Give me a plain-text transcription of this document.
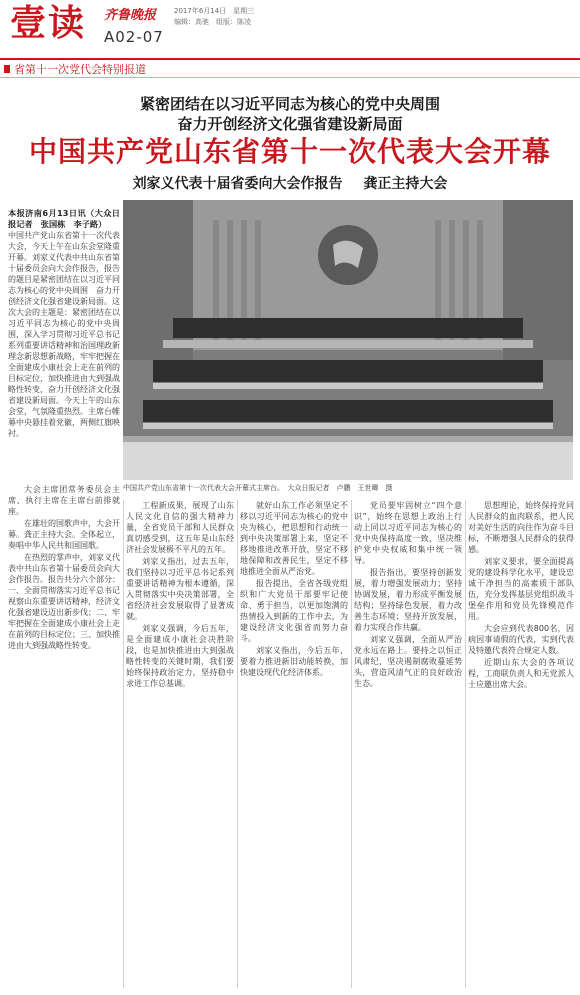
壹读 齐鲁晚报	2017年6月14日　星期三
编辑：高驰　组版：陈凌
A02-07
省第十一次党代会特别报道
紧密团结在以习近平同志为核心的党中央周围
奋力开创经济文化强省建设新局面
中国共产党山东省第十一次代表大会开幕
刘家义代表十届省委向大会作报告 龚正主持大会
本报济南6月13日讯（大众日报记者　张国栋　李子路）
中国共产党山东省第十一次代表大会，今天上午在山东会堂隆重开幕。刘家义代表中共山东省第十届委员会向大会作报告，报告的题目是紧密团结在以习近平同志为核心的党中央周围　奋力开创经济文化强省建设新局面。这次大会的主题是：紧密团结在以习近平同志为核心的党中央周围，深入学习贯彻习近平总书记系列重要讲话精神和治国理政新理念新思想新战略，牢牢把握在全面建成小康社会上走在前列的目标定位，加快推进由大到强战略性转变，奋力开创经济文化强省建设新局面。今天上午的山东会堂，气氛隆重热烈。主席台帷幕中央悬挂着党徽，两侧红旗映衬。
中国共产党山东省第十一次代表大会开幕式主席台。　大众日报记者　卢鹏　王世卿　摄

大会主席团常务委员会主席、执行主席在主席台前排就座。

在雄壮的国歌声中，大会开幕。龚正主持大会。全体起立，奏唱中华人民共和国国歌。

在热烈的掌声中，刘家义代表中共山东省第十届委员会向大会作报告。报告共分六个部分：一、全面贯彻落实习近平总书记视察山东重要讲话精神，经济文化强省建设迈出新步伐；二、牢牢把握在全面建成小康社会上走在前列的目标定位；三、加快推进由大到强战略性转变。

工程新成果，展现了山东人民文化自信的强大精神力量，全省党员干部和人民群众真切感受到，这五年是山东经济社会发展极不平凡的五年。

刘家义指出，过去五年，我们坚持以习近平总书记系列重要讲话精神为根本遵循，深入贯彻落实中央决策部署，全省经济社会发展取得了显著成就。

刘家义强调，今后五年，是全面建成小康社会决胜阶段，也是加快推进由大到强战略性转变的关键时期，我们要始终保持政治定力，坚持稳中求进工作总基调。

就好山东工作必须坚定不移以习近平同志为核心的党中央为核心，把思想和行动统一到中央决策部署上来，坚定不移地推进改革开放，坚定不移地保障和改善民生，坚定不移地推进全面从严治党。

报告提出，全省各级党组织和广大党员干部要牢记使命、勇于担当，以更加饱满的热情投入到新的工作中去，为建设经济文化强省而努力奋斗。

刘家义指出，今后五年，要着力推进新旧动能转换，加快建设现代化经济体系。

党员要牢固树立“四个意识”，始终在思想上政治上行动上同以习近平同志为核心的党中央保持高度一致，坚决维护党中央权威和集中统一领导。

报告指出，要坚持创新发展，着力增强发展动力；坚持协调发展，着力形成平衡发展结构；坚持绿色发展，着力改善生态环境；坚持开放发展，着力实现合作共赢。

刘家义强调，全面从严治党永远在路上。要持之以恒正风肃纪，坚决遏制腐败蔓延势头，营造风清气正的良好政治生态。

思想理论，始终保持党同人民群众的血肉联系，把人民对美好生活的向往作为奋斗目标，不断增强人民群众的获得感。

刘家义要求，要全面提高党的建设科学化水平，建设忠诚干净担当的高素质干部队伍，充分发挥基层党组织战斗堡垒作用和党员先锋模范作用。

大会应到代表800名，因病因事请假的代表，实到代表及特邀代表符合规定人数。

近期山东大会的各项议程，工商联负责人和无党派人士应邀出席大会。
